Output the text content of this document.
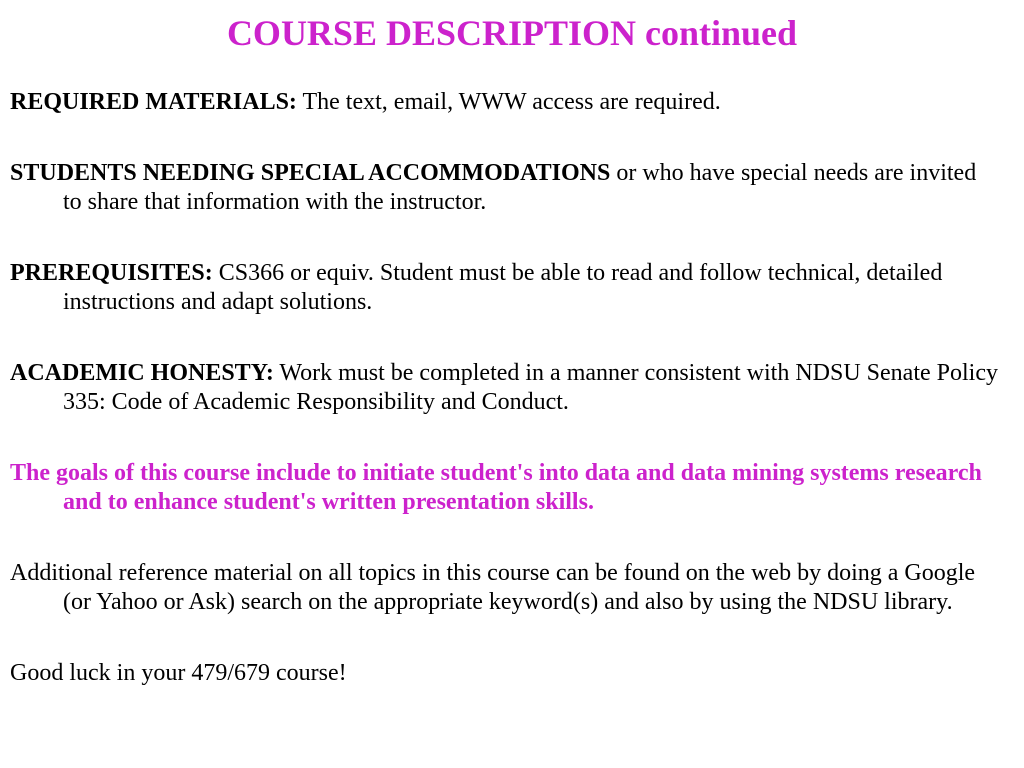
COURSE DESCRIPTION continued

REQUIRED MATERIALS: The text, email, WWW access are required.

STUDENTS NEEDING SPECIAL ACCOMMODATIONS or who have special needs are invited to share that information with the instructor.

PREREQUISITES: CS366 or equiv. Student must be able to read and follow technical, detailed instructions and adapt solutions.

ACADEMIC HONESTY: Work must be completed in a manner consistent with NDSU Senate Policy 335: Code of Academic Responsibility and Conduct.

The goals of this course include to initiate student's into data and data mining systems research and to enhance student's written presentation skills.

Additional reference material on all topics in this course can be found on the web by doing a Google (or Yahoo or Ask) search on the appropriate keyword(s) and also by using the NDSU library.

Good luck in your 479/679 course!
